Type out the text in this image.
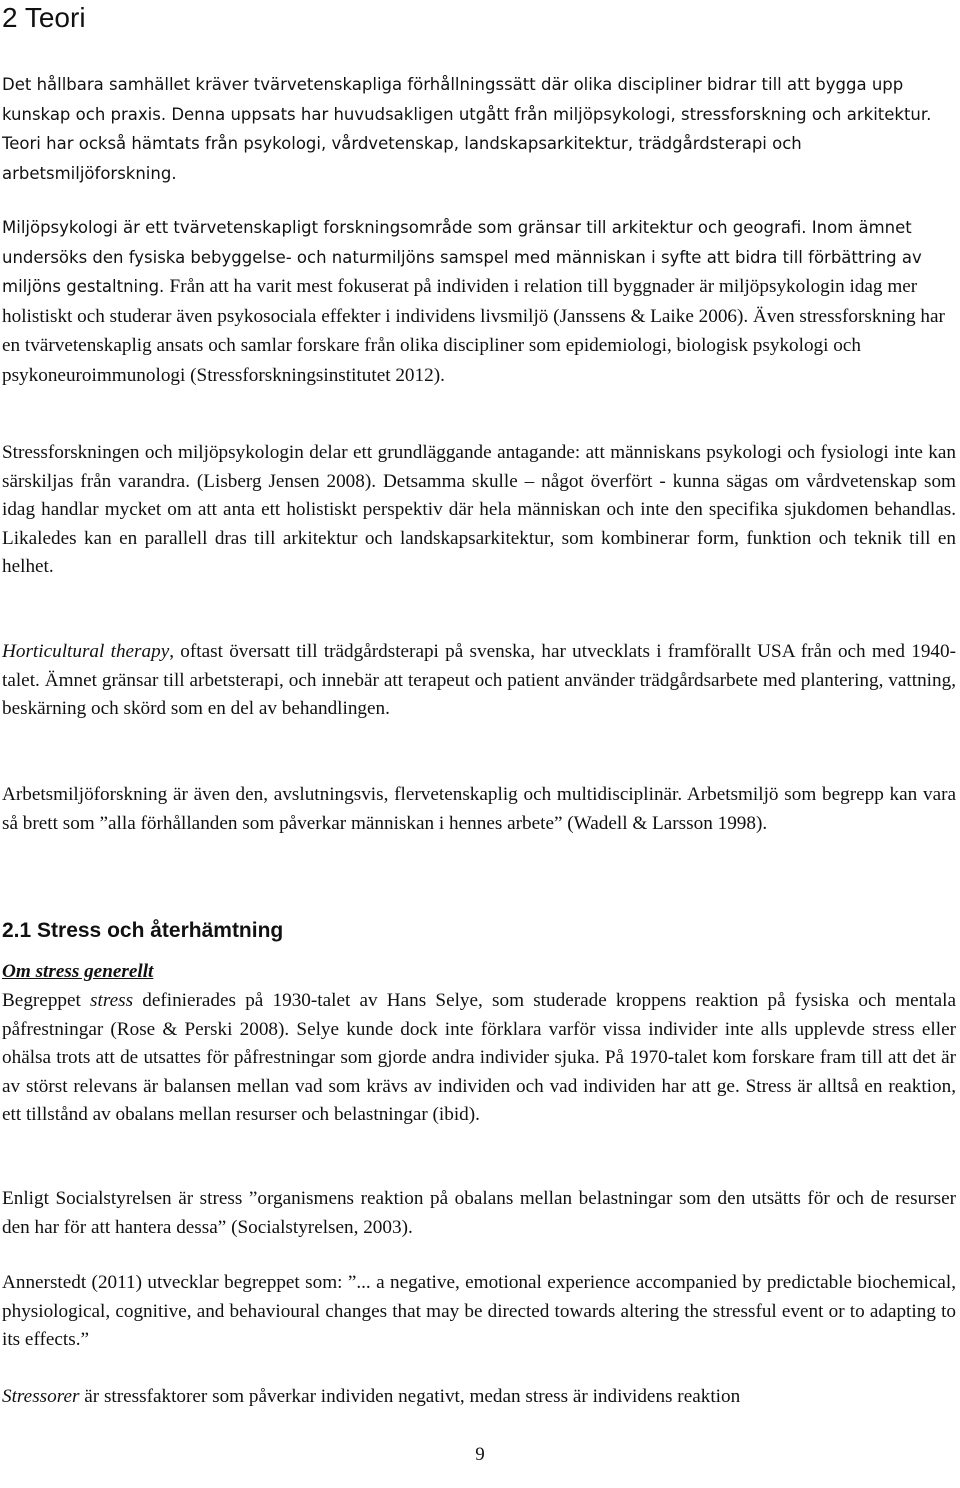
2 Teori

Det hållbara samhället kräver tvärvetenskapliga förhållningssätt där olika discipliner bidrar till att bygga upp kunskap och praxis. Denna uppsats har huvudsakligen utgått från miljöpsykologi, stressforskning och arkitektur. Teori har också hämtats från psykologi, vårdvetenskap, landskapsarkitektur, trädgårdsterapi och arbetsmiljöforskning.

Miljöpsykologi är ett tvärvetenskapligt forskningsområde som gränsar till arkitektur och geografi. Inom ämnet undersöks den fysiska bebyggelse- och naturmiljöns samspel med människan i syfte att bidra till förbättring av miljöns gestaltning. Från att ha varit mest fokuserat på individen i relation till byggnader är miljöpsykologin idag mer holistiskt och studerar även psykosociala effekter i individens livsmiljö (Janssens & Laike 2006). Även stressforskning har en tvärvetenskaplig ansats och samlar forskare från olika discipliner som epidemiologi, biologisk psykologi och psykoneuroimmunologi (Stressforskningsinstitutet 2012).

Stressforskningen och miljöpsykologin delar ett grundläggande antagande: att människans psykologi och fysiologi inte kan särskiljas från varandra. (Lisberg Jensen 2008). Detsamma skulle – något överfört - kunna sägas om vårdvetenskap som idag handlar mycket om att anta ett holistiskt perspektiv där hela människan och inte den specifika sjukdomen behandlas. Likaledes kan en parallell dras till arkitektur och landskapsarkitektur, som kombinerar form, funktion och teknik till en helhet.

Horticultural therapy, oftast översatt till trädgårdsterapi på svenska, har utvecklats i framförallt USA från och med 1940-talet. Ämnet gränsar till arbetsterapi, och innebär att terapeut och patient använder trädgårdsarbete med plantering, vattning, beskärning och skörd som en del av behandlingen.

Arbetsmiljöforskning är även den, avslutningsvis, flervetenskaplig och multidisciplinär. Arbetsmiljö som begrepp kan vara så brett som ”alla förhållanden som påverkar människan i hennes arbete” (Wadell & Larsson 1998).

2.1 Stress och återhämtning

Om stress generellt

Begreppet stress definierades på 1930-talet av Hans Selye, som studerade kroppens reaktion på fysiska och mentala påfrestningar (Rose & Perski 2008). Selye kunde dock inte förklara varför vissa individer inte alls upplevde stress eller ohälsa trots att de utsattes för påfrestningar som gjorde andra individer sjuka. På 1970-talet kom forskare fram till att det är av störst relevans är balansen mellan vad som krävs av individen och vad individen har att ge. Stress är alltså en reaktion, ett tillstånd av obalans mellan resurser och belastningar (ibid).

Enligt Socialstyrelsen är stress ”organismens reaktion på obalans mellan belastningar som den utsätts för och de resurser den har för att hantera dessa” (Socialstyrelsen, 2003).

Annerstedt (2011) utvecklar begreppet som: ”... a negative, emotional experience accompanied by predictable biochemical, physiological, cognitive, and behavioural changes that may be directed towards altering the stressful event or to adapting to its effects.”

Stressorer är stressfaktorer som påverkar individen negativt, medan stress är individens reaktion

9
